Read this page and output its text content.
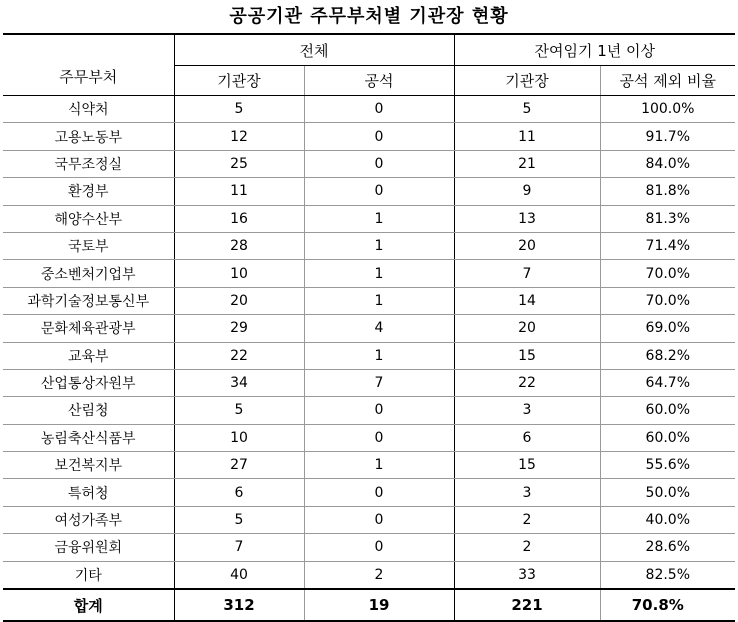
공공기관 주무부처별 기관장 현황
주무부처	전체		잔여임기 1년 이상	
	기관장	공석	기관장	공석 제외 비율
식약처	5	0	5	100.0%
고용노동부	12	0	11	91.7%
국무조정실	25	0	21	84.0%
환경부	11	0	9	81.8%
해양수산부	16	1	13	81.3%
국토부	28	1	20	71.4%
중소벤처기업부	10	1	7	70.0%
과학기술정보통신부	20	1	14	70.0%
문화체육관광부	29	4	20	69.0%
교육부	22	1	15	68.2%
산업통상자원부	34	7	22	64.7%
산림청	5	0	3	60.0%
농림축산식품부	10	0	6	60.0%
보건복지부	27	1	15	55.6%
특허청	6	0	3	50.0%
여성가족부	5	0	2	40.0%
금융위원회	7	0	2	28.6%
기타	40	2	33	82.5%
합계	312	19	221	70.8%
